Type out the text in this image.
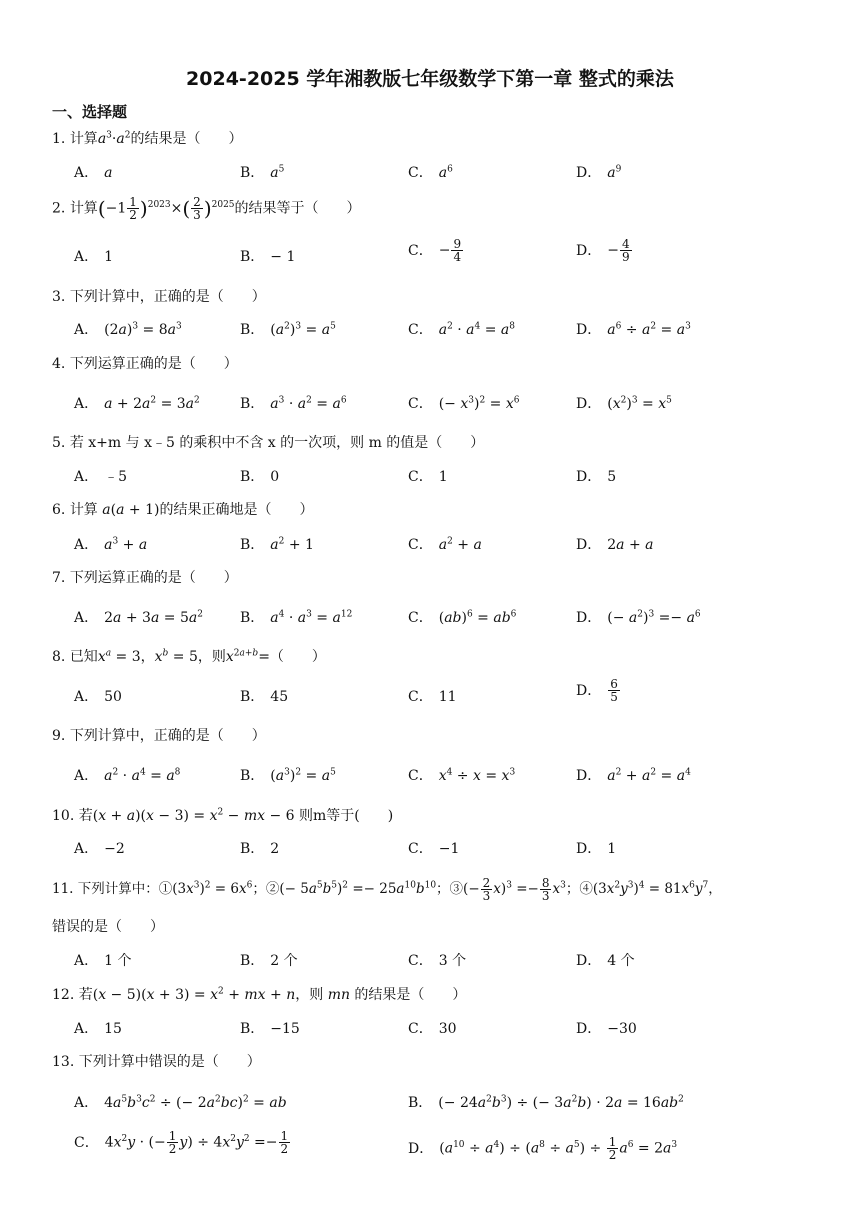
2024-2025 学年湘教版七年级数学下第一章 整式的乘法
一、选择题
1. 计算$a^3\cdot a^2$的结果是（　　）
A． a	B． $a^5$	C． $a^6$	D． $a^9$
2. 计算$(-1 \frac{1}{2} )^{2023}\times( \frac{2}{3} )^{2025}$的结果等于（　　）
A． 1	B． − 1	C． − $\frac{9}{4}$	D． − $\frac{4}{9}$
3. 下列计算中，正确的是（　　）
A． $(2a)^3 = 8a^3$	B． $(a^2)^3 = a^5$	C． $a^2 \cdot a^4 = a^8$	D． $a^6 \div a^2 = a^3$
4. 下列运算正确的是（　　）
A． $a + 2a^2 = 3a^2$	B． $a^3 \cdot a^2 = a^6$	C． (− $x^3)^2 = x^6$	D． $(x^2)^3 = x^5$
5. 若 x+m 与 x﹣5 的乘积中不含 x 的一次项，则 m 的值是（　　）
A． ﹣5	B． 0	C． 1	D． 5
6. 计算 a(a + 1)的结果正确地是（　　）
A． $a^3 + a$	B． $a^2 + 1$	C． $a^2 + a$	D． 2a + a
7. 下列运算正确的是（　　）
A． $2a + 3a = 5a^2$	B． $a^4 \cdot a^3 = a^{12}$	C． $(ab)^6 = ab^6$	D． (− $a^2)^3 =- a^6$
8. 已知$x^a = 3$，$x^b = 5$，则$x^{2a+b}=$（　　）
A． 50	B． 45	C． 11	D． $\frac{6}{5}$
9. 下列计算中，正确的是（　　）
A． $a^2 \cdot a^4 = a^8$	B． $(a^3)^2 = a^5$	C． $x^4 \div x = x^3$	D． $a^2 + a^2 = a^4$
10. 若$(x + a)(x - 3) = x^2$ − mx − 6 则m等于(　　)
A． −2	B． 2	C． −1	D． 1
11. 下列计算中：$①(3x^3)^2 = 6x^6$；②(− $5a^5b^5)^2 =- 25a^{10}b^{10}$；③(− $\frac{2}{3} x)^3 =- \frac{8}{3} x^3$；$④(3x^2y^3)^4 = 81x^6y^7$，
错误的是（　　）
A． 1 个	B． 2 个	C． 3 个	D． 4 个
12. 若$(x - 5)(x + 3) = x^2$ + mx + n，则 mn 的结果是（　　）
A． 15	B． −15	C． 30	D． −30
13. 下列计算中错误的是（　　）
A． $4a^5b^3c^2$ ÷ (− $2a^2bc)^2$ = ab	B． (− $24a^2b^3$) ÷ (− $3a^2b) \cdot 2a = 16ab^2$
C． $4x^2y$ · (− $\frac{1}{2} y) \div 4x^2y^2 =- \frac{1}{2}$	D． $(a^{10} \div a^4) \div (a^8 \div a^5) \div \frac{1}{2} a^6 = 2a^3$
